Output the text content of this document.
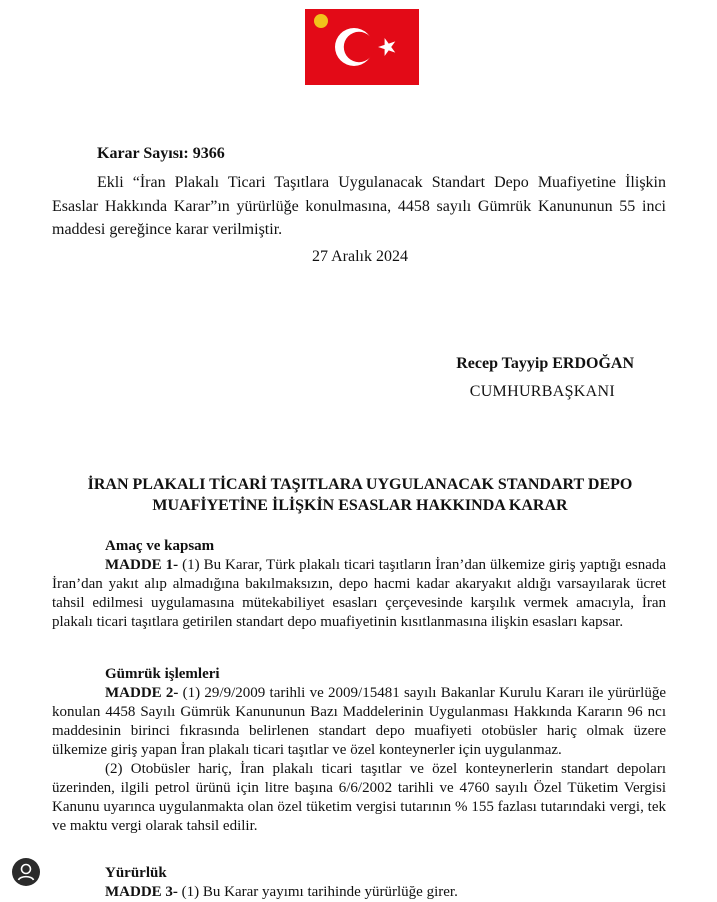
Karar Sayısı: 9366
Ekli “İran Plakalı Ticari Taşıtlara Uygulanacak Standart Depo Muafiyetine İlişkin Esaslar Hakkında Karar”ın yürürlüğe konulmasına, 4458 sayılı Gümrük Kanununun 55 inci maddesi gereğince karar verilmiştir.
27 Aralık 2024
Recep Tayyip ERDOĞAN
CUMHURBAŞKANI
İRAN PLAKALI TİCARİ TAŞITLARA UYGULANACAK STANDART DEPO
MUAFİYETİNE İLİŞKİN ESASLAR HAKKINDA KARAR
Amaç ve kapsam

MADDE 1- (1) Bu Karar, Türk plakalı ticari taşıtların İran’dan ülkemize giriş yaptığı esnada İran’dan yakıt alıp almadığına bakılmaksızın, depo hacmi kadar akaryakıt aldığı varsayılarak ücret tahsil edilmesi uygulamasına mütekabiliyet esasları çerçevesinde karşılık vermek amacıyla, İran plakalı ticari taşıtlara getirilen standart depo muafiyetinin kısıtlanmasına ilişkin esasları kapsar.

Gümrük işlemleri

MADDE 2- (1) 29/9/2009 tarihli ve 2009/15481 sayılı Bakanlar Kurulu Kararı ile yürürlüğe konulan 4458 Sayılı Gümrük Kanununun Bazı Maddelerinin Uygulanması Hakkında Kararın 96 ncı maddesinin birinci fıkrasında belirlenen standart depo muafiyeti otobüsler hariç olmak üzere ülkemize giriş yapan İran plakalı ticari taşıtlar ve özel konteynerler için uygulanmaz.

(2) Otobüsler hariç, İran plakalı ticari taşıtlar ve özel konteynerlerin standart depoları üzerinden, ilgili petrol ürünü için litre başına 6/6/2002 tarihli ve 4760 sayılı Özel Tüketim Vergisi Kanunu uyarınca uygulanmakta olan özel tüketim vergisi tutarının % 155 fazlası tutarındaki vergi, tek ve maktu vergi olarak tahsil edilir.

Yürürlük

MADDE 3- (1) Bu Karar yayımı tarihinde yürürlüğe girer.
